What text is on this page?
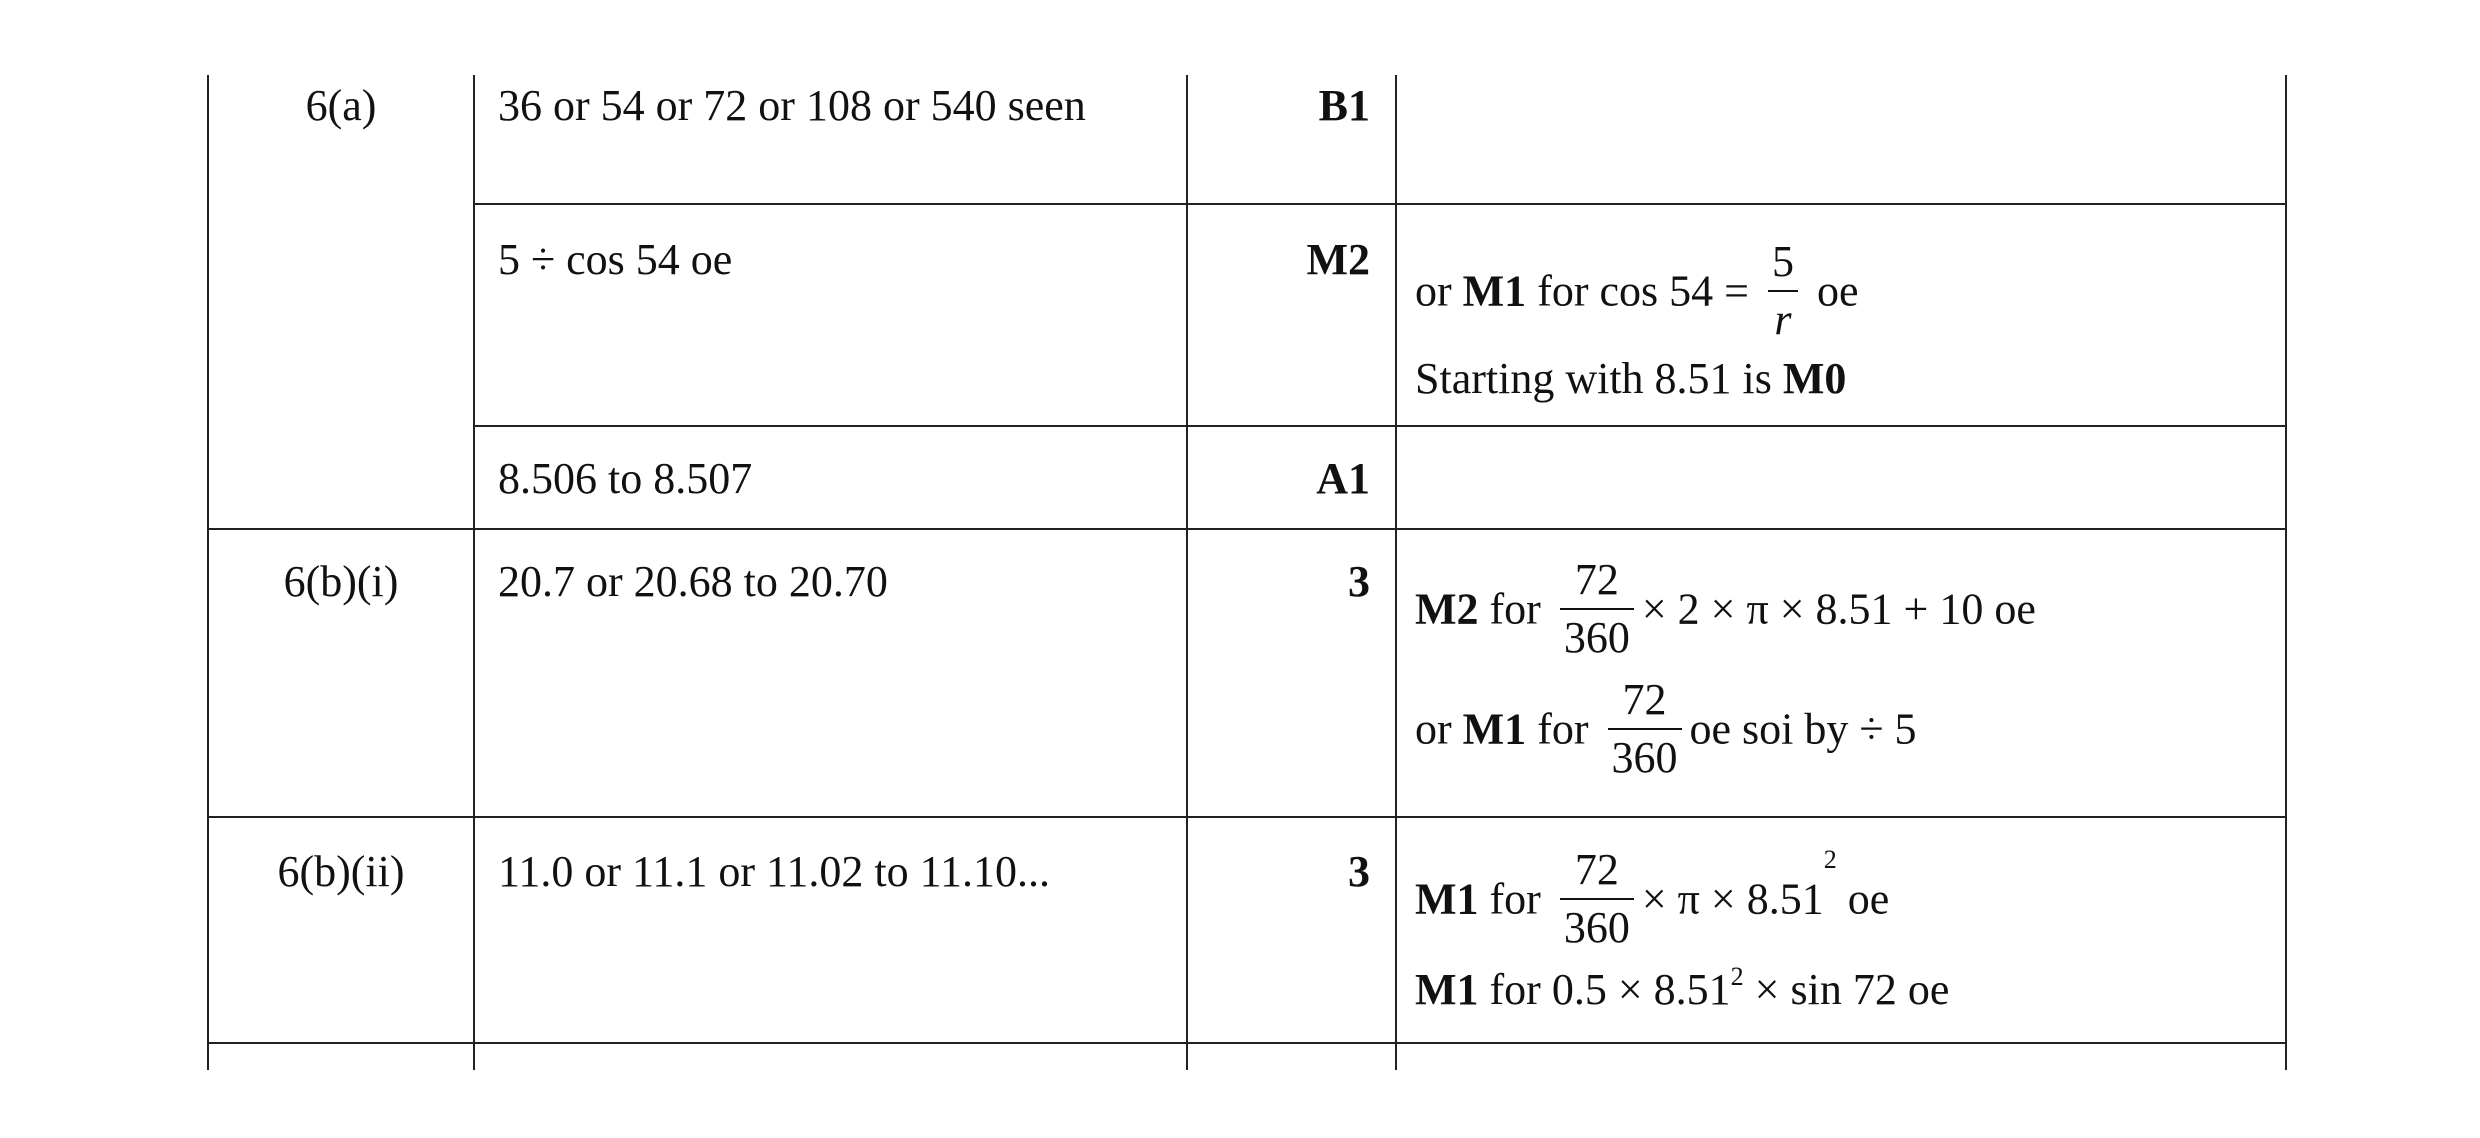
6(a)	36 or 54 or 72 or 108 or 540 seen	B1
5 ÷ cos 54 oe	M2
or M1 for $\cos 54 = \frac{5}{r}$ oe
Starting with 8.51 is M0
8.506 to 8.507	A1
6(b)(i)	20.7 or 20.68 to 20.70	3
M2 for $\frac{72}{360} \times 2 \times \pi \times 8.51 + 10$ oe
or M1 for $\frac{72}{360}$ oe soi by ÷ 5
6(b)(ii)	11.0 or 11.1 or 11.02 to 11.10...	3
M1 for $\frac{72}{360} \times \pi \times 8.51^2$ oe
M1 for $0.5 \times 8.51^2 \times \sin 72$ oe
